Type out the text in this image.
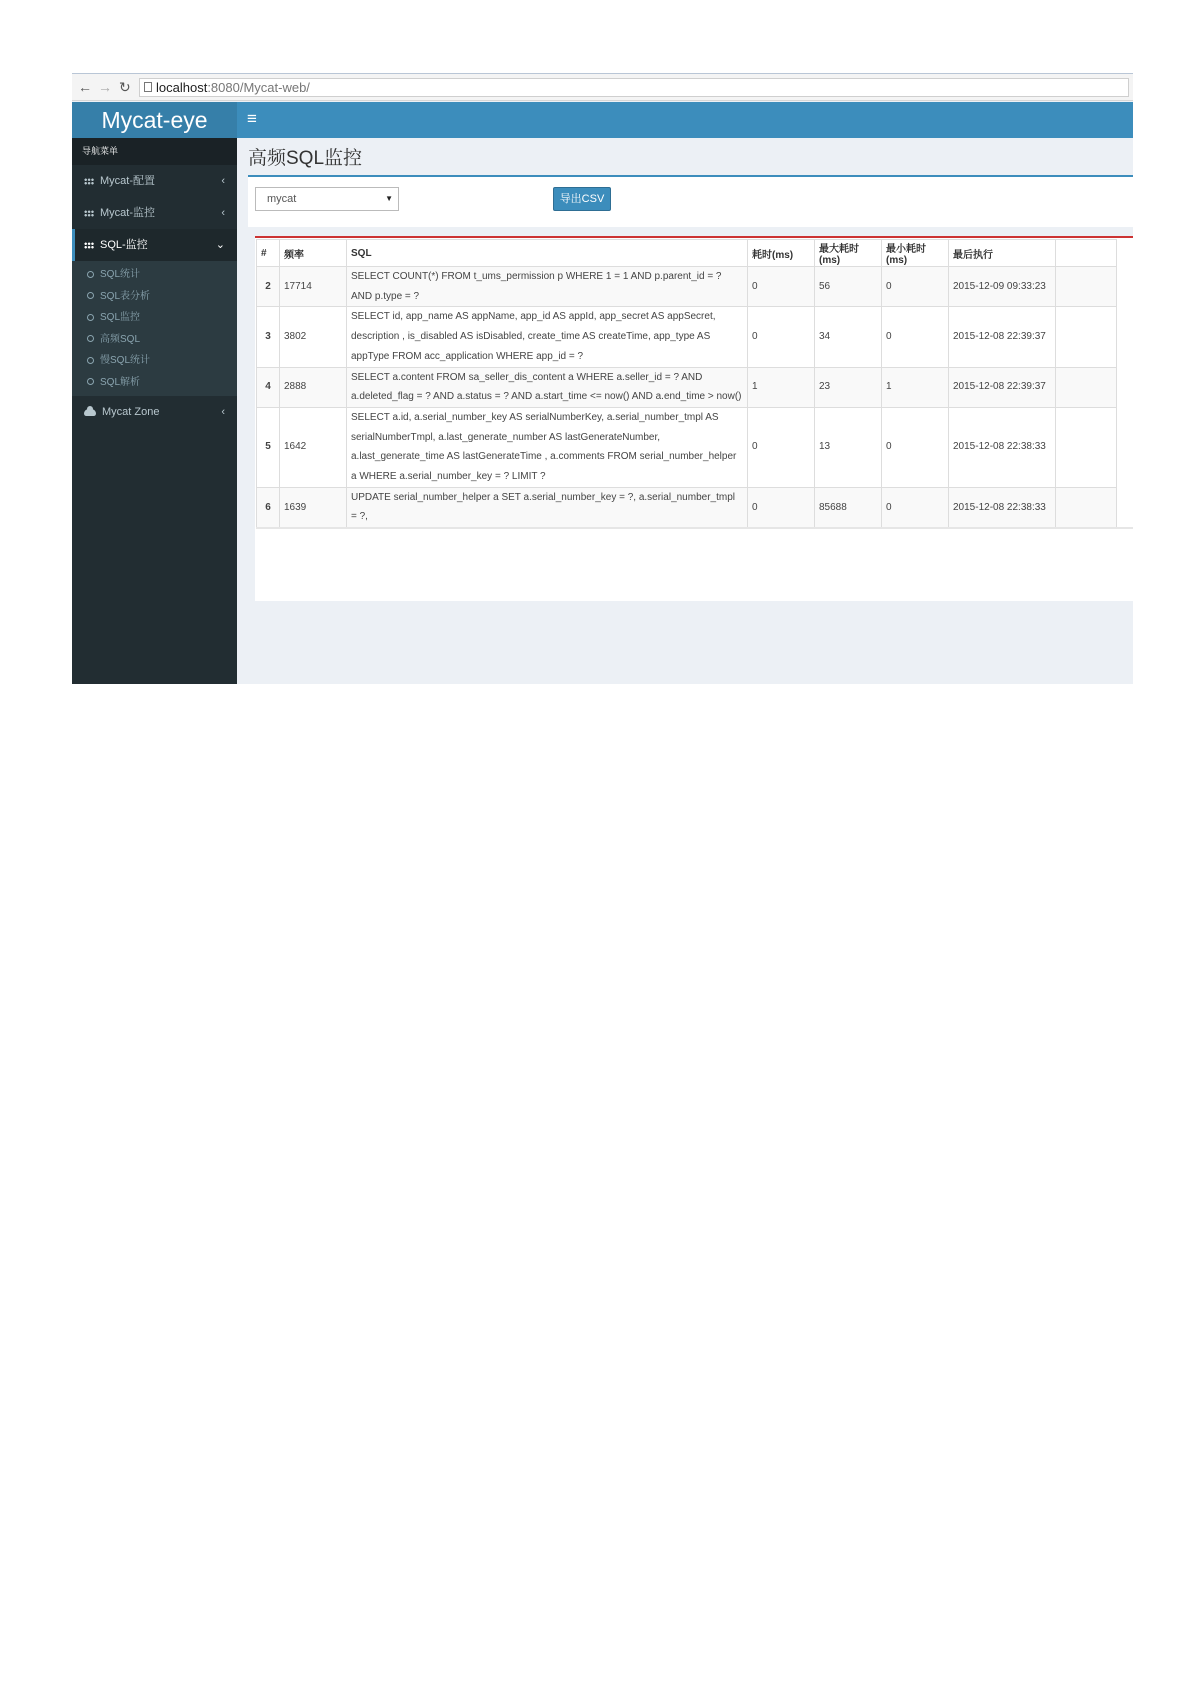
← → ↻	localhost:8080/Mycat-web/
Mycat-eye	≡
导航菜单
Mycat-配置	‹
Mycat-监控	‹
SQL-监控	⌄
SQL统计
SQL表分析
SQL监控
高频SQL
慢SQL统计
SQL解析
Mycat Zone	‹
高频SQL监控
mycat	▼	导出CSV
#	频率	SQL	耗时(ms)	最大耗时(ms)	最小耗时(ms)	最后执行	
2	17714	SELECT COUNT(*) FROM t_ums_permission p WHERE 1 = 1 AND p.parent_id = ? AND p.type = ?	0	56	0	2015-12-09 09:33:23	
3	3802	SELECT id, app_name AS appName, app_id AS appId, app_secret AS appSecret, description , is_disabled AS isDisabled, create_time AS createTime, app_type AS appType FROM acc_application WHERE app_id = ?	0	34	0	2015-12-08 22:39:37	
4	2888	SELECT a.content FROM sa_seller_dis_content a WHERE a.seller_id = ? AND a.deleted_flag = ? AND a.status = ? AND a.start_time <= now() AND a.end_time > now()	1	23	1	2015-12-08 22:39:37	
5	1642	SELECT a.id, a.serial_number_key AS serialNumberKey, a.serial_number_tmpl AS serialNumberTmpl, a.last_generate_number AS lastGenerateNumber, a.last_generate_time AS lastGenerateTime , a.comments FROM serial_number_helper a WHERE a.serial_number_key = ? LIMIT ?	0	13	0	2015-12-08 22:38:33	
6	1639	UPDATE serial_number_helper a SET a.serial_number_key = ?, a.serial_number_tmpl = ?,	0	85688	0	2015-12-08 22:38:33	
